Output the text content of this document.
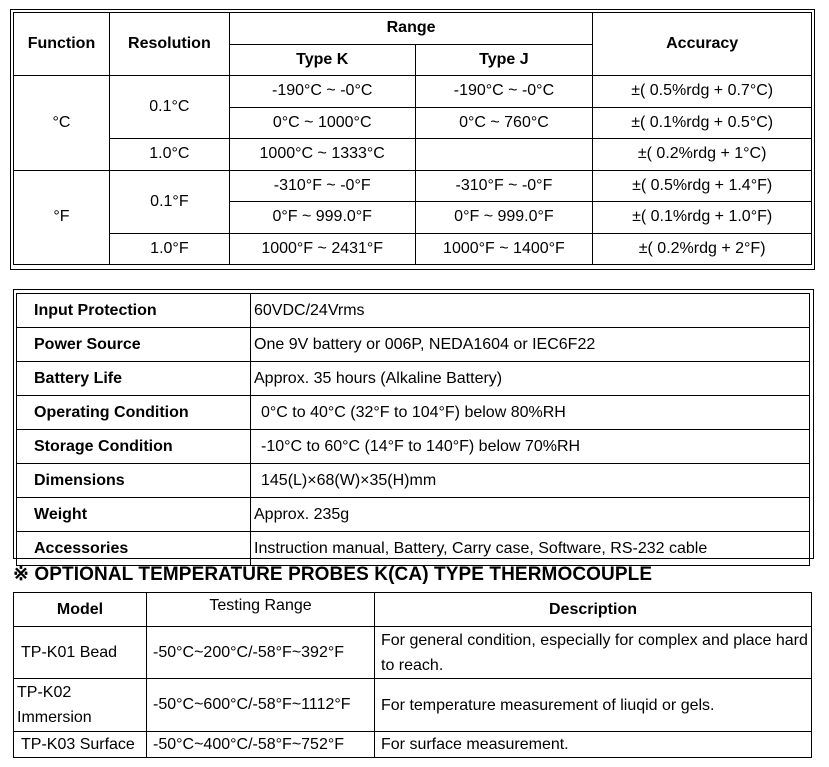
Function	Resolution	Range		Accuracy
		Type K	Type J	
°C	0.1°C	-190°C ~ -0°C	-190°C ~ -0°C	±( 0.5%rdg + 0.7°C)
		0°C ~ 1000°C	0°C ~ 760°C	±( 0.1%rdg + 0.5°C)
	1.0°C	1000°C ~ 1333°C		±( 0.2%rdg + 1°C)
°F	0.1°F	-310°F ~ -0°F	-310°F ~ -0°F	±( 0.5%rdg + 1.4°F)
		0°F ~ 999.0°F	0°F ~ 999.0°F	±( 0.1%rdg + 1.0°F)
	1.0°F	1000°F ~ 2431°F	1000°F ~ 1400°F	±( 0.2%rdg + 2°F)
Input Protection	60VDC/24Vrms
Power Source	One 9V battery or 006P, NEDA1604 or IEC6F22
Battery Life	Approx. 35 hours (Alkaline Battery)
Operating Condition	0°C to 40°C (32°F to 104°F) below 80%RH
Storage Condition	-10°C to 60°C (14°F to 140°F) below 70%RH
Dimensions	145(L)×68(W)×35(H)mm
Weight	Approx. 235g
Accessories	Instruction manual, Battery, Carry case, Software, RS-232 cable
※ OPTIONAL TEMPERATURE PROBES K(CA) TYPE THERMOCOUPLE
Model	Testing Range	Description
TP-K01 Bead	-50°C~200°C/-58°F~392°F	For general condition, especially for complex and place hard to reach.
TP-K02 Immersion	-50°C~600°C/-58°F~1112°F	For temperature measurement of liuqid or gels.
TP-K03 Surface	-50°C~400°C/-58°F~752°F	For surface measurement.
